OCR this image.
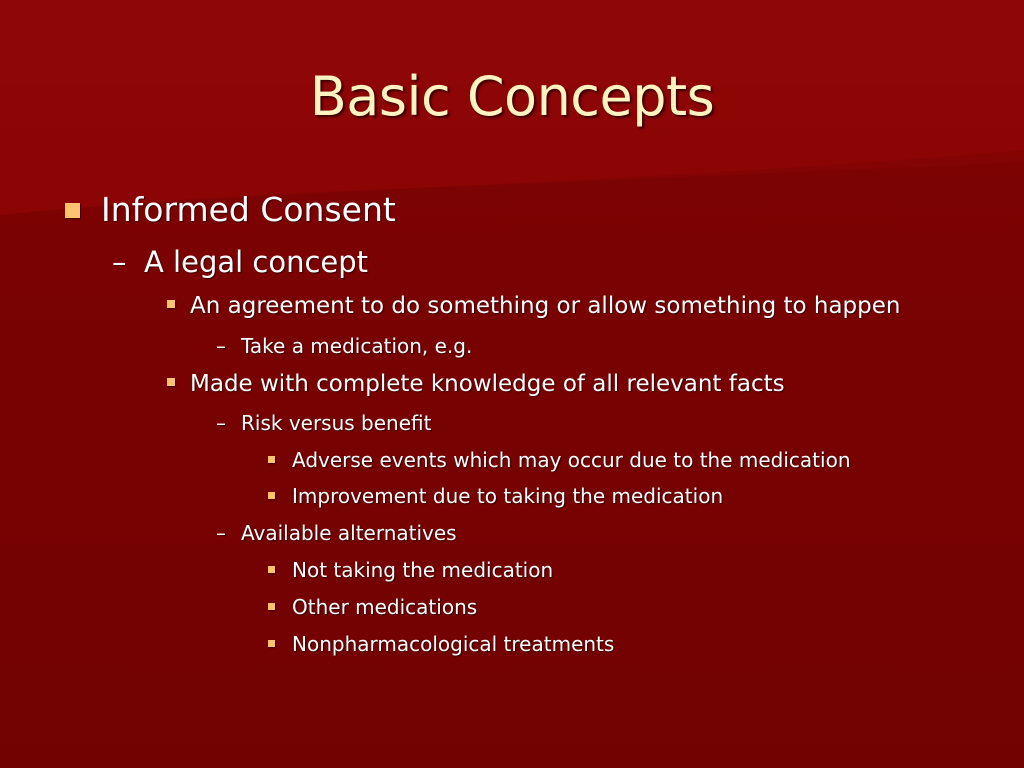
Basic Concepts
Informed Consent
– A legal concept
An agreement to do something or allow something to happen
– Take a medication, e.g.
Made with complete knowledge of all relevant facts
– Risk versus benefit
Adverse events which may occur due to the medication
Improvement due to taking the medication
– Available alternatives
Not taking the medication
Other medications
Nonpharmacological treatments
